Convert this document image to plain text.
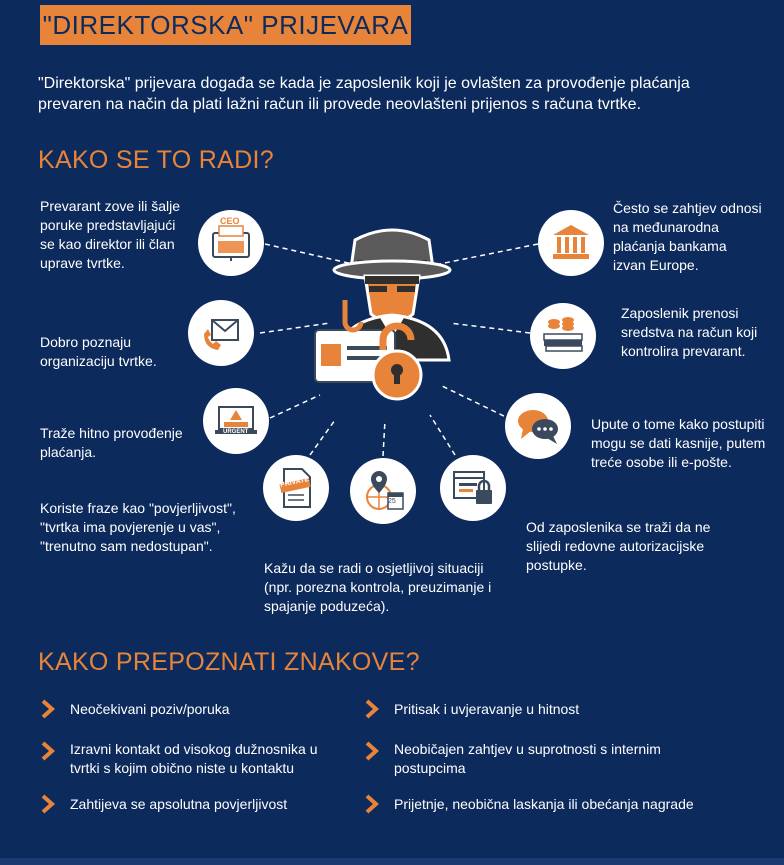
"DIREKTORSKA" PRIJEVARA
"Direktorska" prijevara događa se kada je zaposlenik koji je ovlašten za provođenje plaćanja prevaren na način da plati lažni račun ili provede neovlašteni prijenos s računa tvrtke.
KAKO SE TO RADI?
Prevarant zove ili šalje poruke predstavljajući se kao direktor ili član uprave tvrtke.
Dobro poznaju organizaciju tvrtke.
Traže hitno provođenje plaćanja.
Koriste fraze kao "povjerljivost", "tvrtka ima povjerenje u vas", "trenutno sam nedostupan".
Često se zahtjev odnosi na međunarodna plaćanja bankama izvan Europe.
Zaposlenik prenosi sredstva na račun koji kontrolira prevarant.
Upute o tome kako postupiti mogu se dati kasnije, putem treće osobe ili e-pošte.
Od zaposlenika se traži da ne slijedi redovne autorizacijske postupke.
Kažu da se radi o osjetljivoj situaciji (npr. porezna kontrola, preuzimanje i spajanje poduzeća).
CEO
URGENT
PRIVATE
25
KAKO PREPOZNATI ZNAKOVE?
Neočekivani poziv/poruka
Izravni kontakt od visokog dužnosnika u tvrtki s kojim obično niste u kontaktu
Zahtijeva se apsolutna povjerljivost
Pritisak i uvjeravanje u hitnost
Neobičajen zahtjev u suprotnosti s internim postupcima
Prijetnje, neobična laskanja ili obećanja nagrade
